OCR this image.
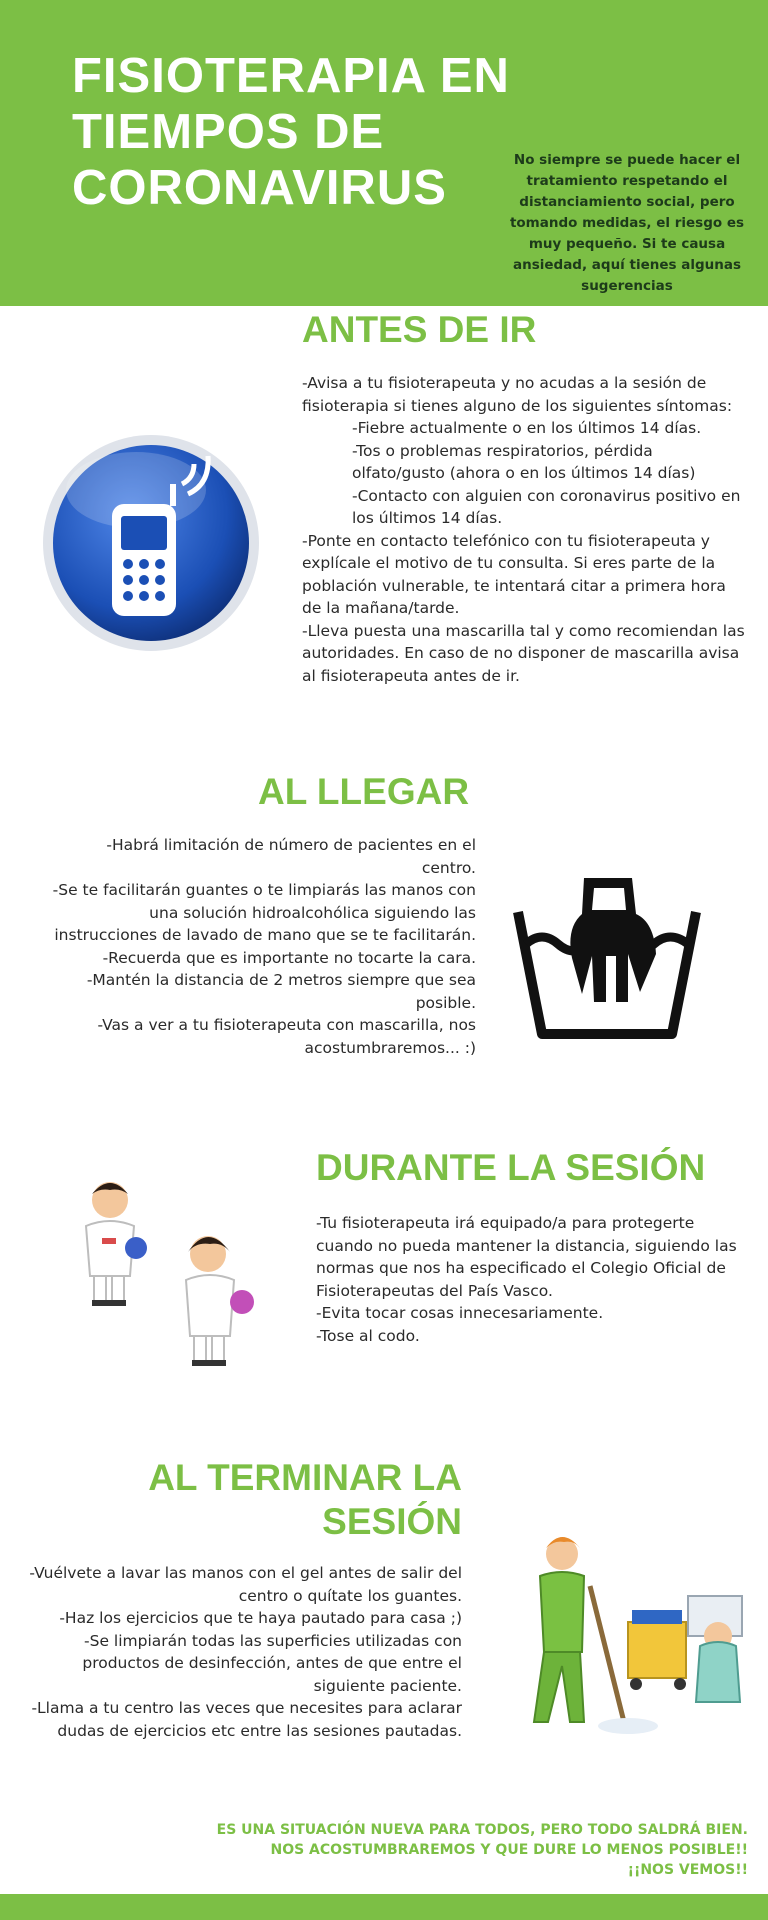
FISIOTERAPIA EN TIEMPOS DE CORONAVIRUS
No siempre se puede hacer el tratamiento respetando el distanciamiento social, pero tomando medidas, el riesgo es muy pequeño. Si te causa ansiedad, aquí tienes algunas sugerencias
ANTES DE IR

-Avisa a tu fisioterapeuta y no acudas a la sesión de fisioterapia si tienes alguno de los siguientes síntomas:

-Fiebre actualmente o en los últimos 14 días.

-Tos o problemas respiratorios, pérdida olfato/gusto (ahora o en los últimos 14 días)

-Contacto con alguien con coronavirus positivo en los últimos 14 días.

-Ponte en contacto telefónico con tu fisioterapeuta y explícale el motivo de tu consulta. Si eres parte de la población vulnerable, te intentará citar a primera hora de la mañana/tarde.

-Lleva puesta una mascarilla tal y como recomiendan las autoridades. En caso de no disponer de mascarilla avisa al fisioterapeuta antes de ir.

AL LLEGAR

-Habrá limitación de número de pacientes en el centro.

-Se te facilitarán guantes o te limpiarás las manos con una solución hidroalcohólica siguiendo las instrucciones de lavado de mano que se te facilitarán.

-Recuerda que es importante no tocarte la cara.

-Mantén la distancia de 2 metros siempre que sea posible.

-Vas a ver a tu fisioterapeuta con mascarilla, nos acostumbraremos... :)

DURANTE LA SESIÓN

-Tu fisioterapeuta irá equipado/a para protegerte cuando no pueda mantener la distancia, siguiendo las normas que nos ha especificado el Colegio Oficial de Fisioterapeutas del País Vasco.

-Evita tocar cosas innecesariamente.

-Tose al codo.

AL TERMINAR LA
SESIÓN

-Vuélvete a lavar las manos con el gel antes de salir del centro o quítate los guantes.

-Haz los ejercicios que te haya pautado para casa ;)

-Se limpiarán todas las superficies utilizadas con productos de desinfección, antes de que entre el siguiente paciente.

-Llama a tu centro las veces que necesites para aclarar dudas de ejercicios etc entre las sesiones pautadas.

ES UNA SITUACIÓN NUEVA PARA TODOS, PERO TODO SALDRÁ BIEN.
NOS ACOSTUMBRAREMOS Y QUE DURE LO MENOS POSIBLE!!
¡¡NOS VEMOS!!
